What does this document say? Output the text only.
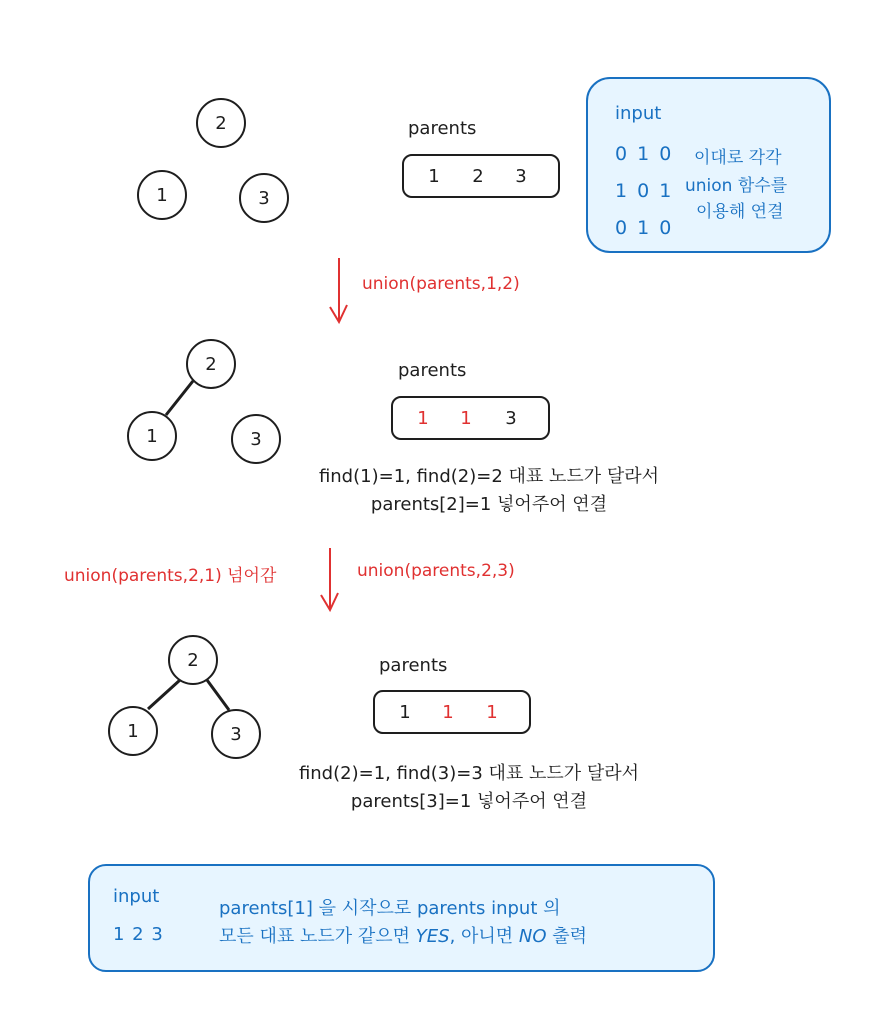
2
1	3
parents
1 2 3
input
0 1 0
1 0 1
0 1 0
이대로 각각
union 함수를
이용해 연결
union(parents,1,2)
2
1	3
parents
1 1 3
find(1)=1, find(2)=2 대표 노드가 달라서
parents[2]=1 넣어주어 연결
union(parents,2,1) 넘어감	union(parents,2,3)
2
1	3
parents
1 1 1
find(2)=1, find(3)=3 대표 노드가 달라서
parents[3]=1 넣어주어 연결
input
1 2 3
parents[1] 을 시작으로 parents input 의
모든 대표 노드가 같으면 YES, 아니면 NO 출력
